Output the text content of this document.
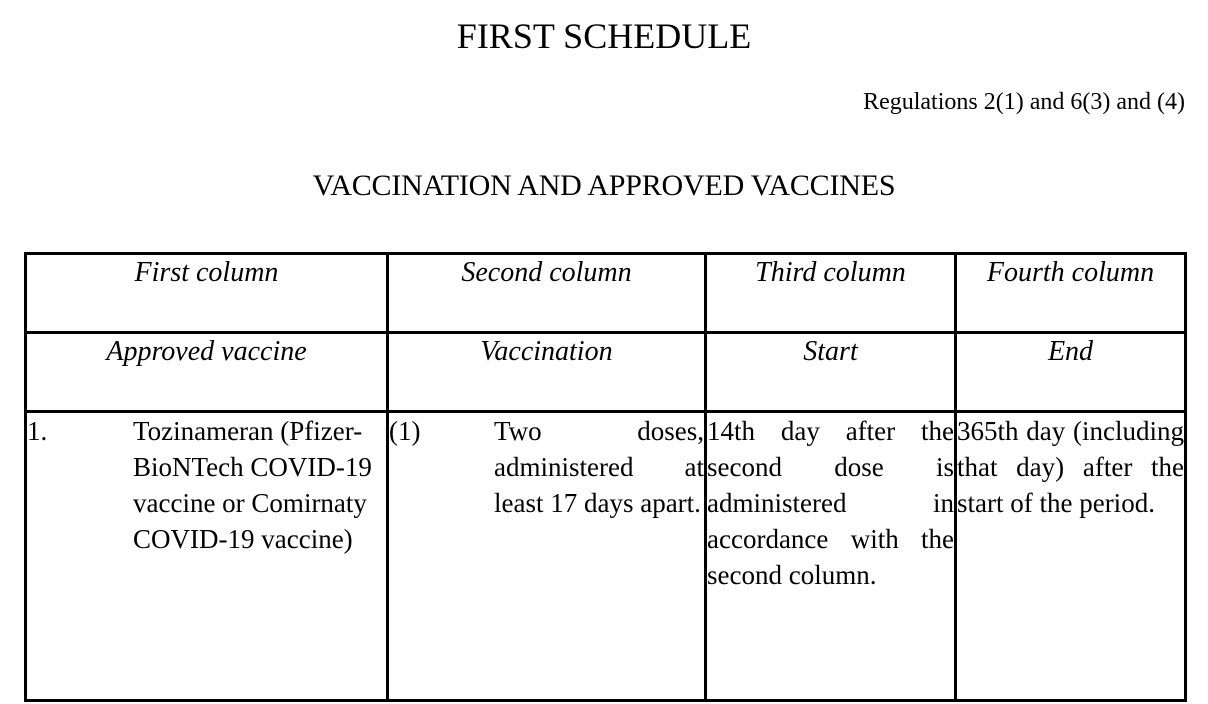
FIRST SCHEDULE
Regulations 2(1) and 6(3) and (4)
VACCINATION AND APPROVED VACCINES
First column	Second column	Third column	Fourth column
Approved vaccine	Vaccination	Start	End

1. Tozinameran (Pfizer-BioNTech COVID-19 vaccine or Comirnaty COVID-19 vaccine)	(1) Two doses, administered at least 17 days apart.	14th day after the second dose is administered in accordance with the second column.	365th day (including that day) after the start of the period.
